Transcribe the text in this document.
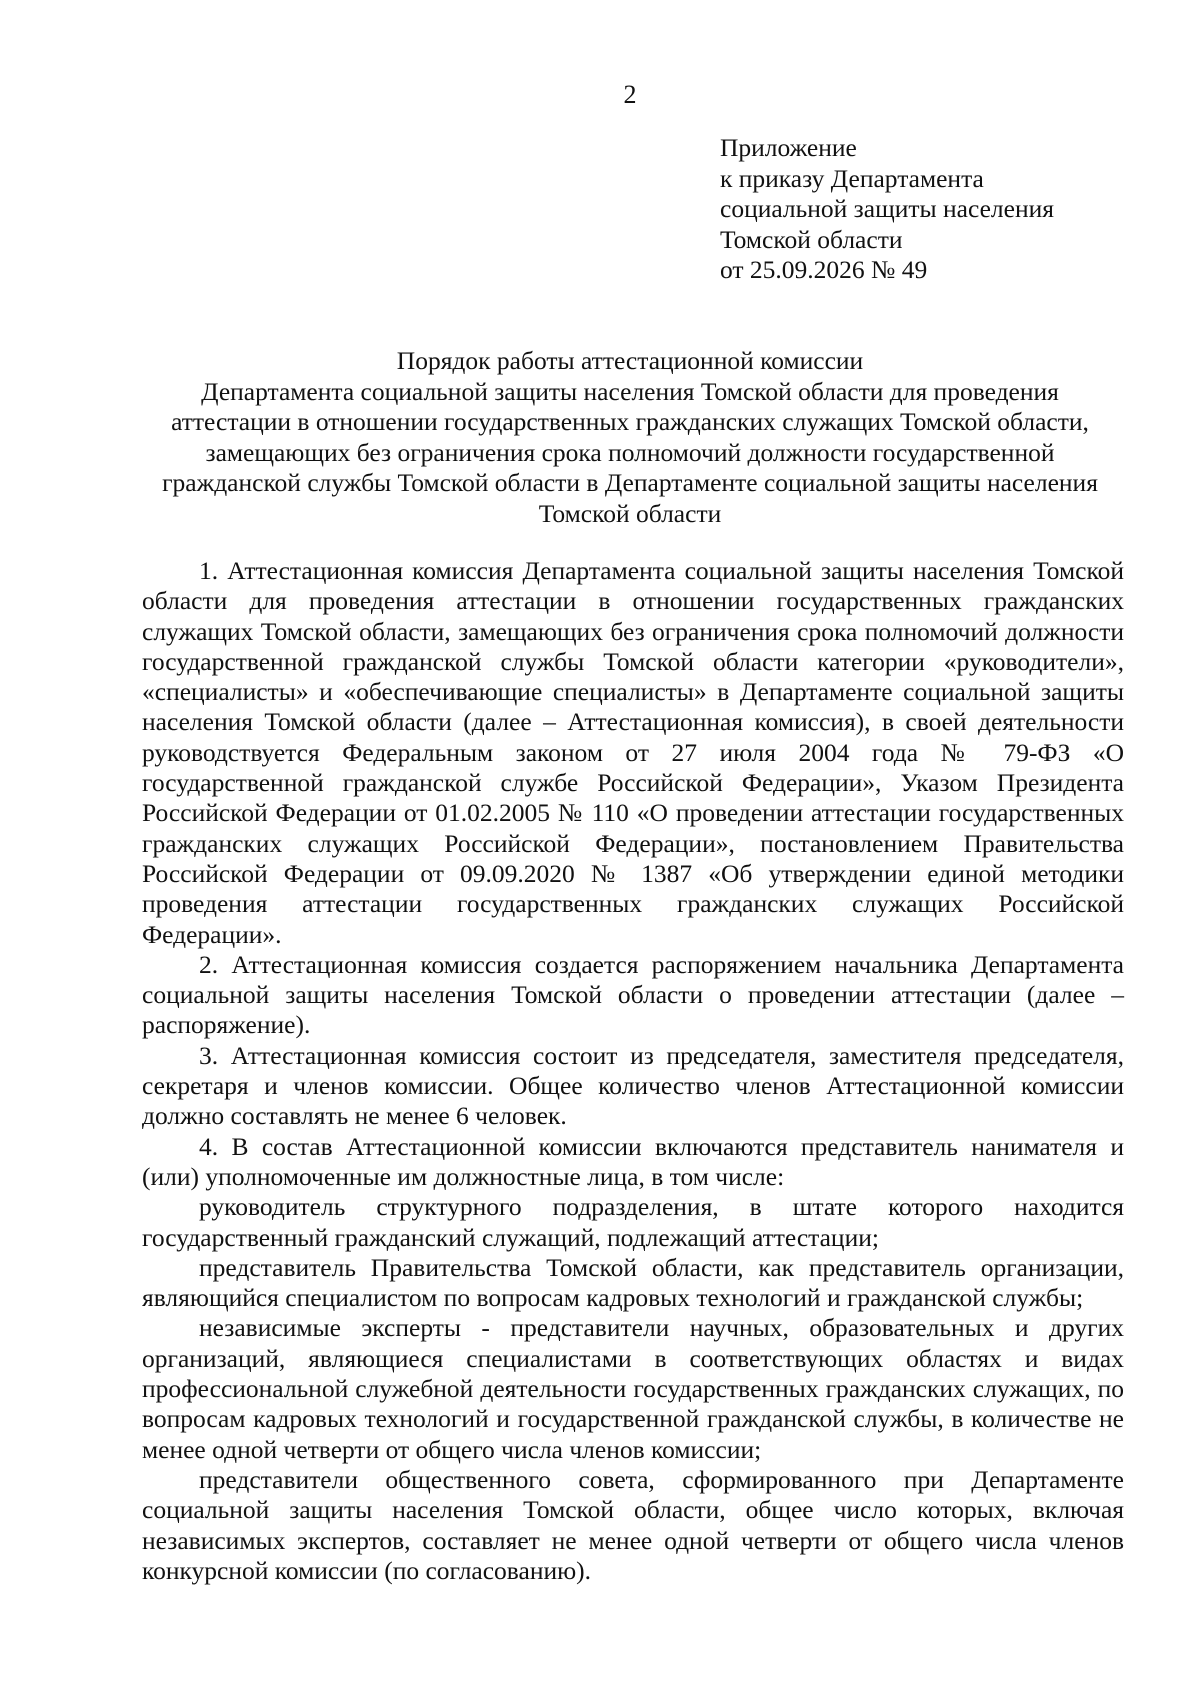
2
Приложение
к приказу Департамента
социальной защиты населения
Томской области
от 25.09.2026 № 49
Порядок работы аттестационной комиссии
Департамента социальной защиты населения Томской области для проведения
аттестации в отношении государственных гражданских служащих Томской области,
замещающих без ограничения срока полномочий должности государственной
гражданской службы Томской области в Департаменте социальной защиты населения
Томской области

1. Аттестационная комиссия Департамента социальной защиты населения Томской области для проведения аттестации в отношении государственных гражданских служащих Томской области, замещающих без ограничения срока полномочий должности государственной гражданской службы Томской области категории «руководители», «специалисты» и «обеспечивающие специалисты» в Департаменте социальной защиты населения Томской области (далее – Аттестационная комиссия), в своей деятельности руководствуется Федеральным законом от 27 июля 2004 года № 79-ФЗ «О государственной гражданской службе Российской Федерации», Указом Президента Российской Федерации от 01.02.2005 № 110 «О проведении аттестации государственных гражданских служащих Российской Федерации», постановлением Правительства Российской Федерации от 09.09.2020 № 1387 «Об утверждении единой методики проведения аттестации государственных гражданских служащих Российской Федерации».

2. Аттестационная комиссия создается распоряжением начальника Департамента социальной защиты населения Томской области о проведении аттестации (далее – распоряжение).

3. Аттестационная комиссия состоит из председателя, заместителя председателя, секретаря и членов комиссии. Общее количество членов Аттестационной комиссии должно составлять не менее 6 человек.

4. В состав Аттестационной комиссии включаются представитель нанимателя и (или) уполномоченные им должностные лица, в том числе:

руководитель структурного подразделения, в штате которого находится государственный гражданский служащий, подлежащий аттестации;

представитель Правительства Томской области, как представитель организации, являющийся специалистом по вопросам кадровых технологий и гражданской службы;

независимые эксперты - представители научных, образовательных и других организаций, являющиеся специалистами в соответствующих областях и видах профессиональной служебной деятельности государственных гражданских служащих, по вопросам кадровых технологий и государственной гражданской службы, в количестве не менее одной четверти от общего числа членов комиссии;

представители общественного совета, сформированного при Департаменте социальной защиты населения Томской области, общее число которых, включая независимых экспертов, составляет не менее одной четверти от общего числа членов конкурсной комиссии (по согласованию).
